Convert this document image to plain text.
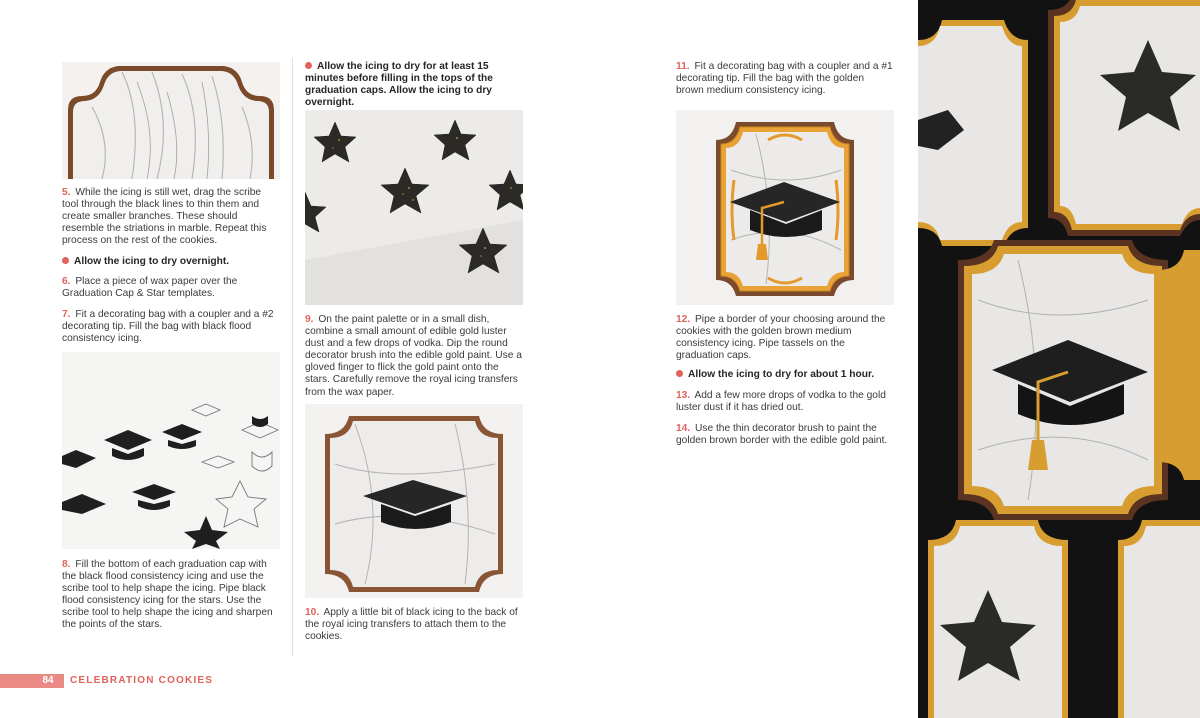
5. While the icing is still wet, drag the scribe tool through the black lines to thin them and create smaller branches. These should resemble the striations in marble. Repeat this process on the rest of the cookies.
Allow the icing to dry overnight.
6. Place a piece of wax paper over the Graduation Cap & Star templates.
7. Fit a decorating bag with a coupler and a #2 decorating tip. Fill the bag with black flood consistency icing.
8. Fill the bottom of each graduation cap with the black flood consistency icing and use the scribe tool to help shape the icing. Pipe black flood consistency icing for the stars. Use the scribe tool to help shape the icing and sharpen the points of the stars.
Allow the icing to dry for at least 15 minutes before filling in the tops of the graduation caps. Allow the icing to dry overnight.
9. On the paint palette or in a small dish, combine a small amount of edible gold luster dust and a few drops of vodka. Dip the round decorator brush into the edible gold paint. Use a gloved finger to flick the gold paint onto the stars. Carefully remove the royal icing transfers from the wax paper.
10. Apply a little bit of black icing to the back of the royal icing transfers to attach them to the cookies.
11. Fit a decorating bag with a coupler and a #1 decorating tip. Fill the bag with the golden brown medium consistency icing.
12. Pipe a border of your choosing around the cookies with the golden brown medium consistency icing. Pipe tassels on the graduation caps.
Allow the icing to dry for about 1 hour.
13. Add a few more drops of vodka to the gold luster dust if it has dried out.
14. Use the thin decorator brush to paint the golden brown border with the edible gold paint.
84	CELEBRATION COOKIES
